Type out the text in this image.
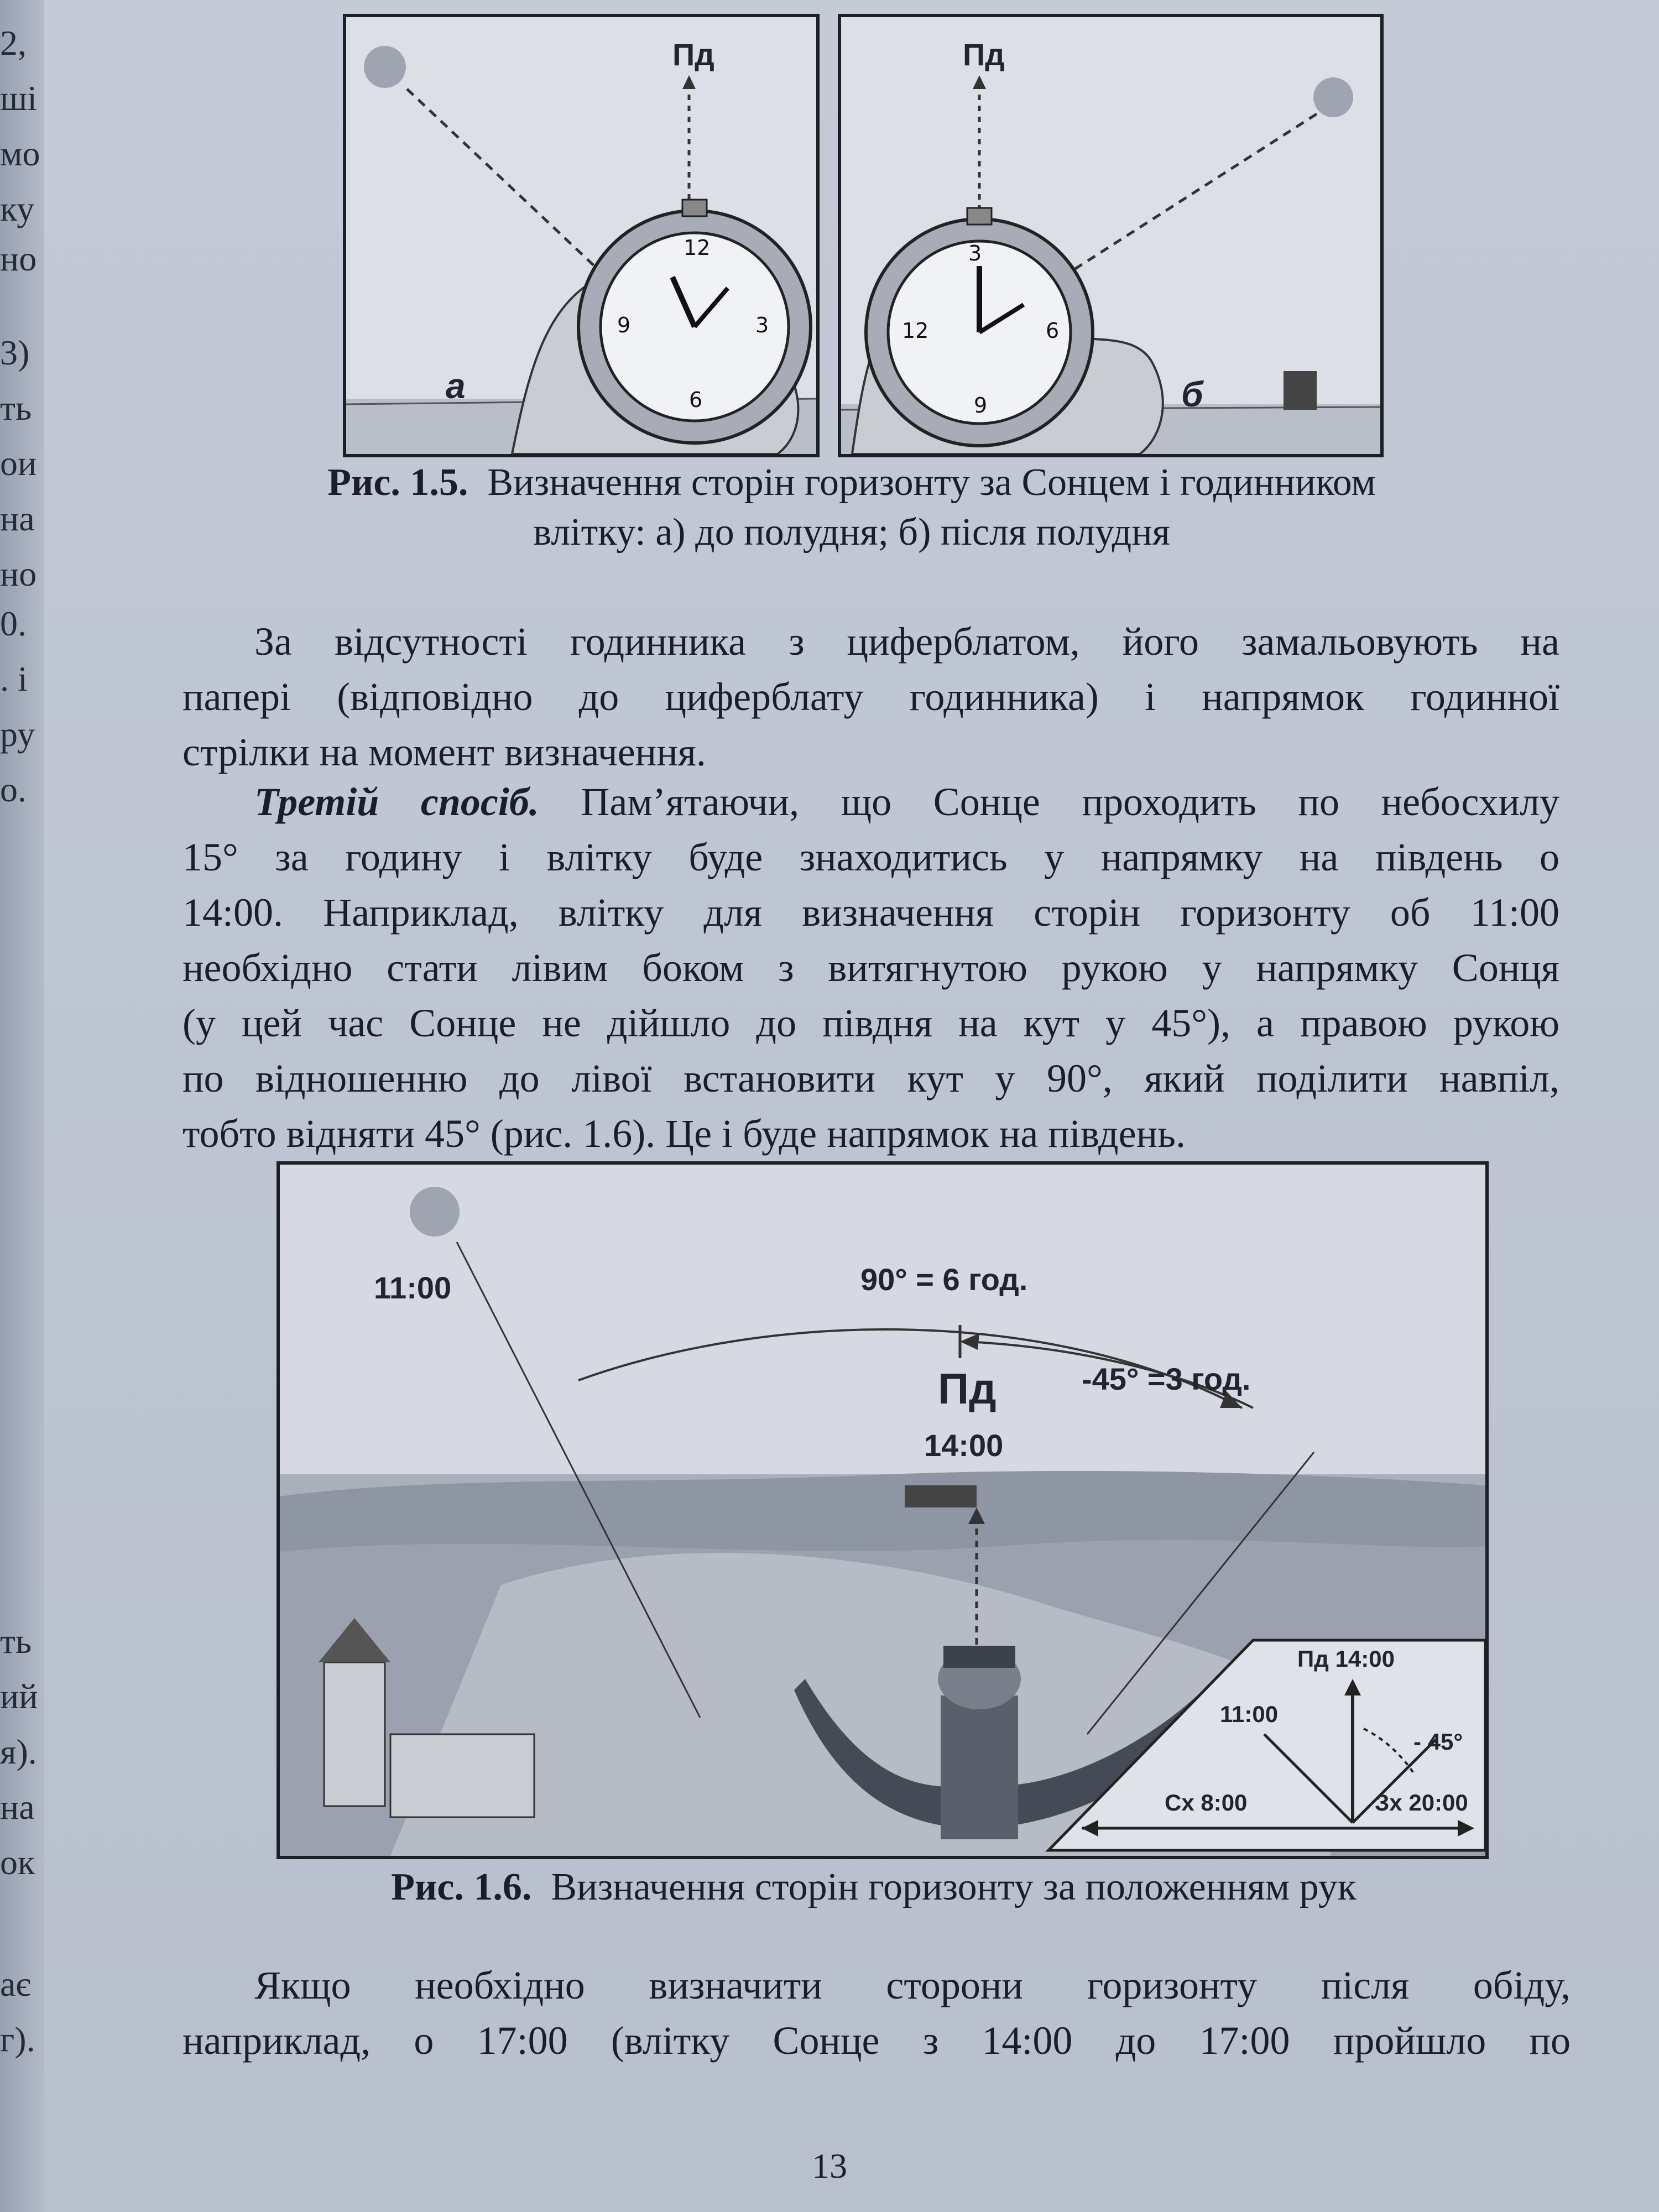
2,
ші
мо
ку
но
3)
ть
ои
на
но
0.
. і
ру
о.
ть
ий
я).
на
ок
ає
г).
12
3
6
9
Пд
а
3
12	6
9
Пд
б
Рис. 1.5. Визначення сторін горизонту за Сонцем і годинником
влітку: а) до полудня; б) після полудня
За відсутності годинника з циферблатом, його замальовують на
папері (відповідно до циферблату годинника) і напрямок годинної
стрілки на момент визначення.
Третій спосіб. Пам’ятаючи, що Сонце проходить по небосхилу
15° за годину і влітку буде знаходитись у напрямку на південь о
14:00. Наприклад, влітку для визначення сторін горизонту об 11:00
необхідно стати лівим боком з витягнутою рукою у напрямку Сонця
(у цей час Сонце не дійшло до півдня на кут у 45°), а правою рукою
по відношенню до лівої встановити кут у 90°, який поділити навпіл,
тобто відняти 45° (рис. 1.6). Це і буде напрямок на південь.
11:00	90° = 6 год.
-45° =3 год.
Пд
14:00
Пд 14:00
11:00
- 45°
Сх 8:00	Зх 20:00
Рис. 1.6. Визначення сторін горизонту за положенням рук
Якщо необхідно визначити сторони горизонту після обіду,
наприклад, о 17:00 (влітку Сонце з 14:00 до 17:00 пройшло по
13
